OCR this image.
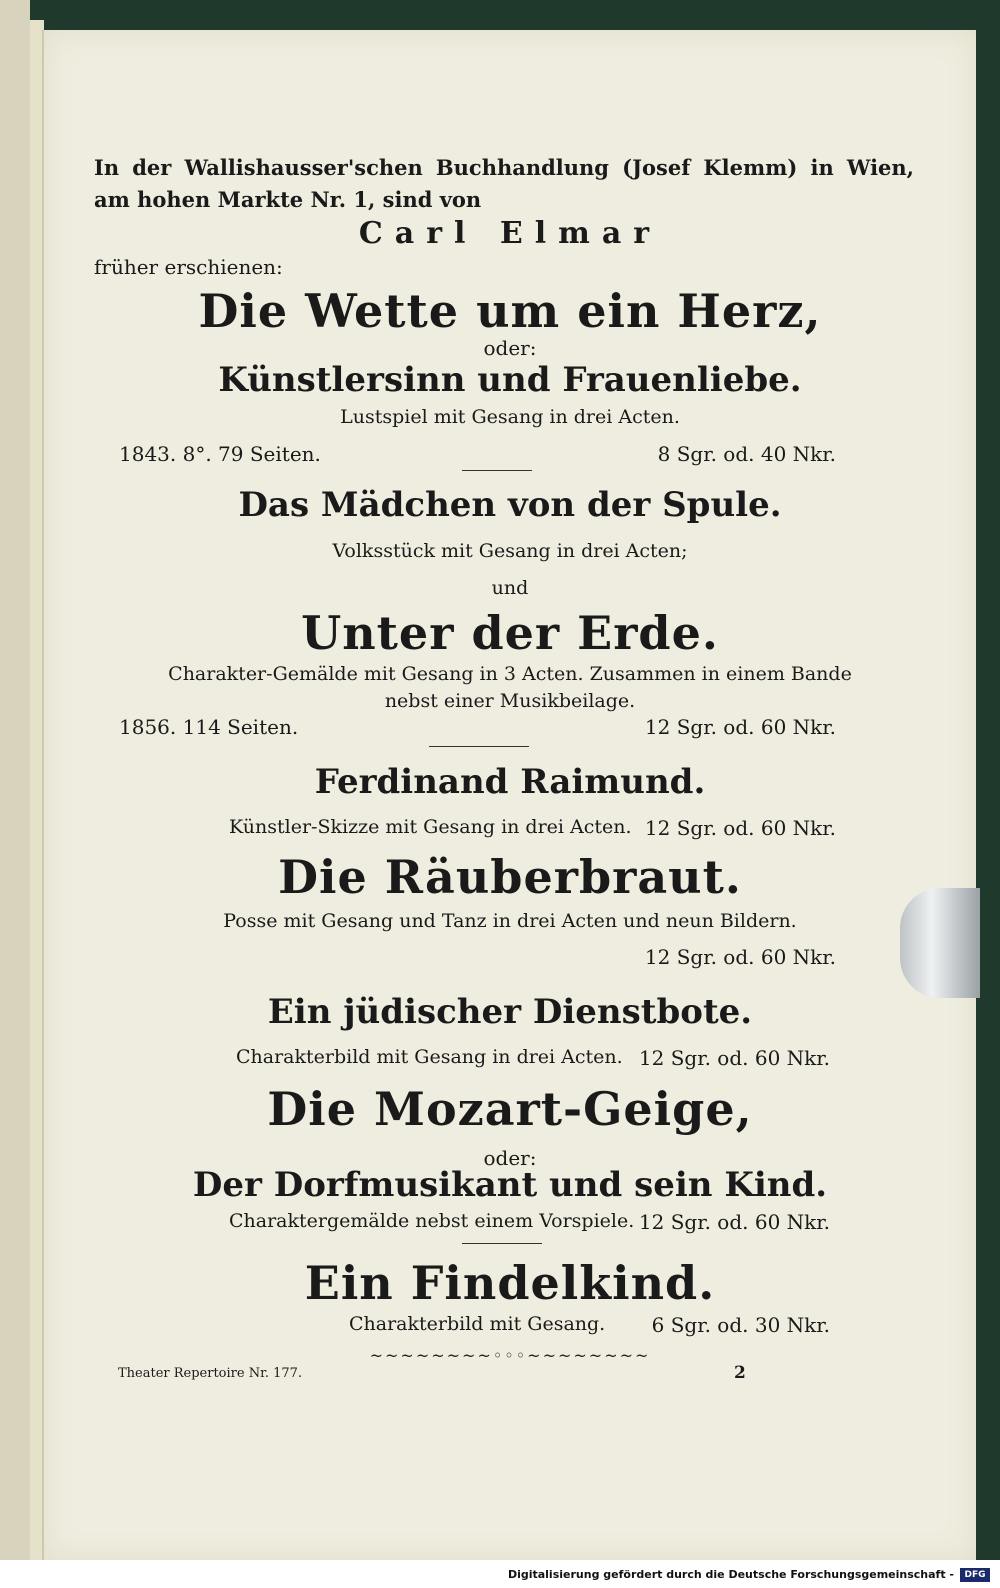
In der Wallishausser'schen Buchhandlung (Josef Klemm) in Wien, am hohen Markte Nr. 1, sind von
Carl Elmar
früher erschienen:
Die Wette um ein Herz,
oder:
Künstlersinn und Frauenliebe.
Lustspiel mit Gesang in drei Acten.
1843. 8°. 79 Seiten.	8 Sgr. od. 40 Nkr.
Das Mädchen von der Spule.
Volksstück mit Gesang in drei Acten;
und
Unter der Erde.
Charakter-Gemälde mit Gesang in 3 Acten. Zusammen in einem Bande
nebst einer Musikbeilage.
1856. 114 Seiten.	12 Sgr. od. 60 Nkr.
Ferdinand Raimund.
Künstler-Skizze mit Gesang in drei Acten. 12 Sgr. od. 60 Nkr.
Die Räuberbraut.
Posse mit Gesang und Tanz in drei Acten und neun Bildern.
12 Sgr. od. 60 Nkr.
Ein jüdischer Dienstbote.
Charakterbild mit Gesang in drei Acten. 12 Sgr. od. 60 Nkr.
Die Mozart-Geige,
oder:
Der Dorfmusikant und sein Kind.
Charaktergemälde nebst einem Vorspiele. 12 Sgr. od. 60 Nkr.
Ein Findelkind.
Charakterbild mit Gesang. 6 Sgr. od. 30 Nkr.
~~~~~~~~◦◦◦~~~~~~~~
Theater Repertoire Nr. 177.	2
Digitalisierung gefördert durch die Deutsche Forschungsgemeinschaft -	DFG
